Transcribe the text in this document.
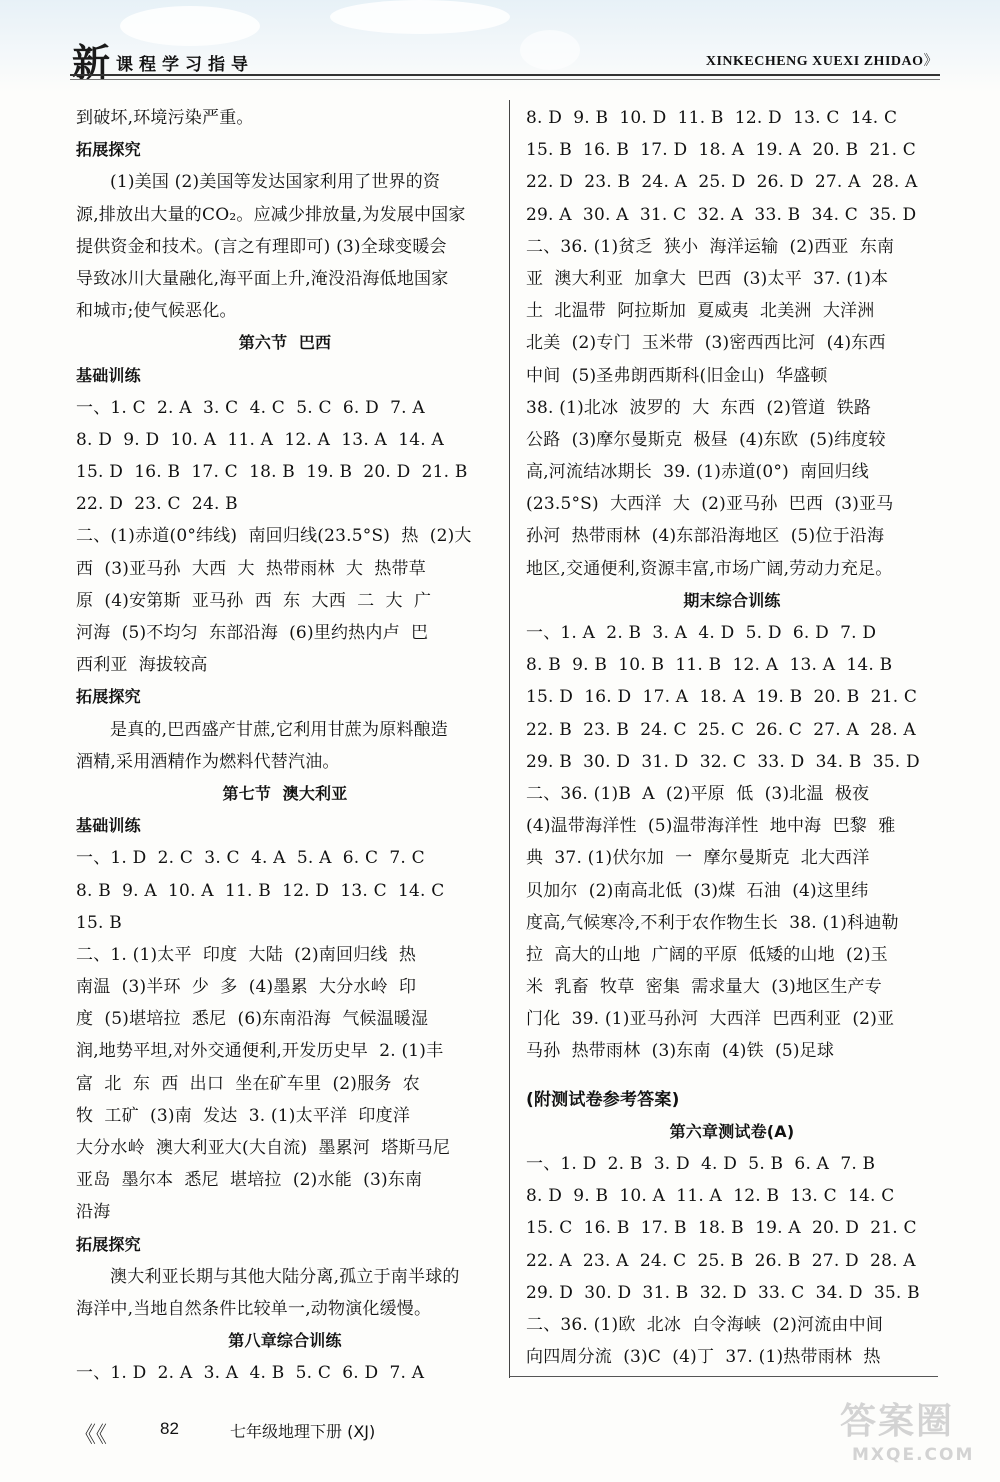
新 课程学习指导	XINKECHENG XUEXI ZHIDAO》
到破坏,环境污染严重。
拓展探究
(1)美国 (2)美国等发达国家利用了世界的资
源,排放出大量的CO₂。应减少排放量,为发展中国家
提供资金和技术。(言之有理即可) (3)全球变暖会
导致冰川大量融化,海平面上升,淹没沿海低地国家
和城市;使气候恶化。
第六节  巴西
基础训练
一、1. C  2. A  3. C  4. C  5. C  6. D  7. A
8. D  9. D  10. A  11. A  12. A  13. A  14. A
15. D  16. B  17. C  18. B  19. B  20. D  21. B
22. D  23. C  24. B
二、(1)赤道(0°纬线)  南回归线(23.5°S)  热  (2)大
西  (3)亚马孙  大西  大  热带雨林  大  热带草
原  (4)安第斯  亚马孙  西  东  大西  二  大  广
河海  (5)不均匀  东部沿海  (6)里约热内卢  巴
西利亚  海拔较高
拓展探究
是真的,巴西盛产甘蔗,它利用甘蔗为原料酿造
酒精,采用酒精作为燃料代替汽油。
第七节  澳大利亚
基础训练
一、1. D  2. C  3. C  4. A  5. A  6. C  7. C
8. B  9. A  10. A  11. B  12. D  13. C  14. C
15. B
二、1. (1)太平  印度  大陆  (2)南回归线  热
南温  (3)半环  少  多  (4)墨累  大分水岭  印
度  (5)堪培拉  悉尼  (6)东南沿海  气候温暖湿
润,地势平坦,对外交通便利,开发历史早  2. (1)丰
富  北  东  西  出口  坐在矿车里  (2)服务  农
牧  工矿  (3)南  发达  3. (1)太平洋  印度洋
大分水岭  澳大利亚大(大自流)  墨累河  塔斯马尼
亚岛  墨尔本  悉尼  堪培拉  (2)水能  (3)东南
沿海
拓展探究
澳大利亚长期与其他大陆分离,孤立于南半球的
海洋中,当地自然条件比较单一,动物演化缓慢。
第八章综合训练
一、1. D  2. A  3. A  4. B  5. C  6. D  7. A
8. D  9. B  10. D  11. B  12. D  13. C  14. C
15. B  16. B  17. D  18. A  19. A  20. B  21. C
22. D  23. B  24. A  25. D  26. D  27. A  28. A
29. A  30. A  31. C  32. A  33. B  34. C  35. D
二、36. (1)贫乏  狭小  海洋运输  (2)西亚  东南
亚  澳大利亚  加拿大  巴西  (3)太平  37. (1)本
土  北温带  阿拉斯加  夏威夷  北美洲  大洋洲
北美  (2)专门  玉米带  (3)密西西比河  (4)东西
中间  (5)圣弗朗西斯科(旧金山)  华盛顿
38. (1)北冰  波罗的  大  东西  (2)管道  铁路
公路  (3)摩尔曼斯克  极昼  (4)东欧  (5)纬度较
高,河流结冰期长  39. (1)赤道(0°)  南回归线
(23.5°S)  大西洋  大  (2)亚马孙  巴西  (3)亚马
孙河  热带雨林  (4)东部沿海地区  (5)位于沿海
地区,交通便利,资源丰富,市场广阔,劳动力充足。
期末综合训练
一、1. A  2. B  3. A  4. D  5. D  6. D  7. D
8. B  9. B  10. B  11. B  12. A  13. A  14. B
15. D  16. D  17. A  18. A  19. B  20. B  21. C
22. B  23. B  24. C  25. C  26. C  27. A  28. A
29. B  30. D  31. D  32. C  33. D  34. B  35. D
二、36. (1)B  A  (2)平原  低  (3)北温  极夜
(4)温带海洋性  (5)温带海洋性  地中海  巴黎  雅
典  37. (1)伏尔加  一  摩尔曼斯克  北大西洋
贝加尔  (2)南高北低  (3)煤  石油  (4)这里纬
度高,气候寒冷,不利于农作物生长  38. (1)科迪勒
拉  高大的山地  广阔的平原  低矮的山地  (2)玉
米  乳畜  牧草  密集  需求量大  (3)地区生产专
门化  39. (1)亚马孙河  大西洋  巴西利亚  (2)亚
马孙  热带雨林  (3)东南  (4)铁  (5)足球
(附测试卷参考答案)
第六章测试卷(A)
一、1. D  2. B  3. D  4. D  5. B  6. A  7. B
8. D  9. B  10. A  11. A  12. B  13. C  14. C
15. C  16. B  17. B  18. B  19. A  20. D  21. C
22. A  23. A  24. C  25. B  26. B  27. D  28. A
29. D  30. D  31. B  32. D  33. C  34. D  35. B
二、36. (1)欧  北冰  白令海峡  (2)河流由中间
向四周分流  (3)C  (4)丁  37. (1)热带雨林  热
《《	82	七年级地理下册 (XJ)	答案圈
MXQE.COM
